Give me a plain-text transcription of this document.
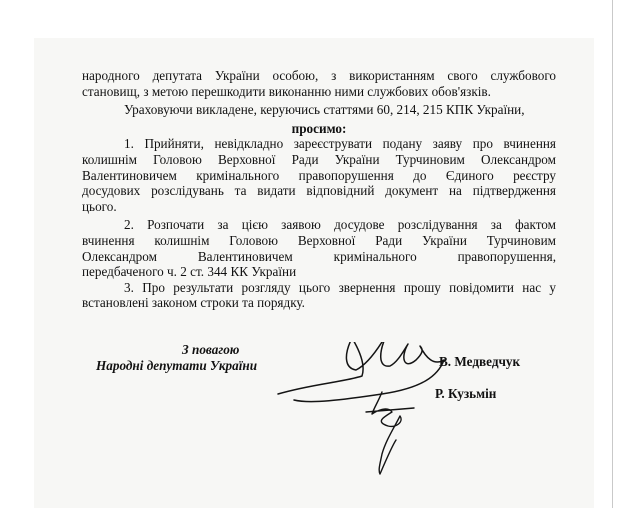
народного депутата України особою, з використанням свого службового

становищ, з метою перешкодити виконанню ними службових обов'язків.

Ураховуючи викладене, керуючись статтями 60, 214, 215 КПК України,

просимо:

1. Прийняти, невідкладно зареєструвати подану заяву про вчинення

колишнім Головою Верховної Ради України Турчиновим Олександром

Валентиновичем кримінального правопорушення до Єдиного реєстру

досудових розслідувань та видати відповідний документ на підтвердження

цього.

2. Розпочати за цією заявою досудове розслідування за фактом

вчинення колишнім Головою Верховної Ради України Турчиновим

Олександром Валентиновичем кримінального правопорушення,

передбаченого ч. 2 ст. 344 КК України

3. Про результати розгляду цього звернення прошу повідомити нас у

встановлені законом строки та порядку.

З повагою
Народні депутати України	В. Медведчук
Р. Кузьмін
